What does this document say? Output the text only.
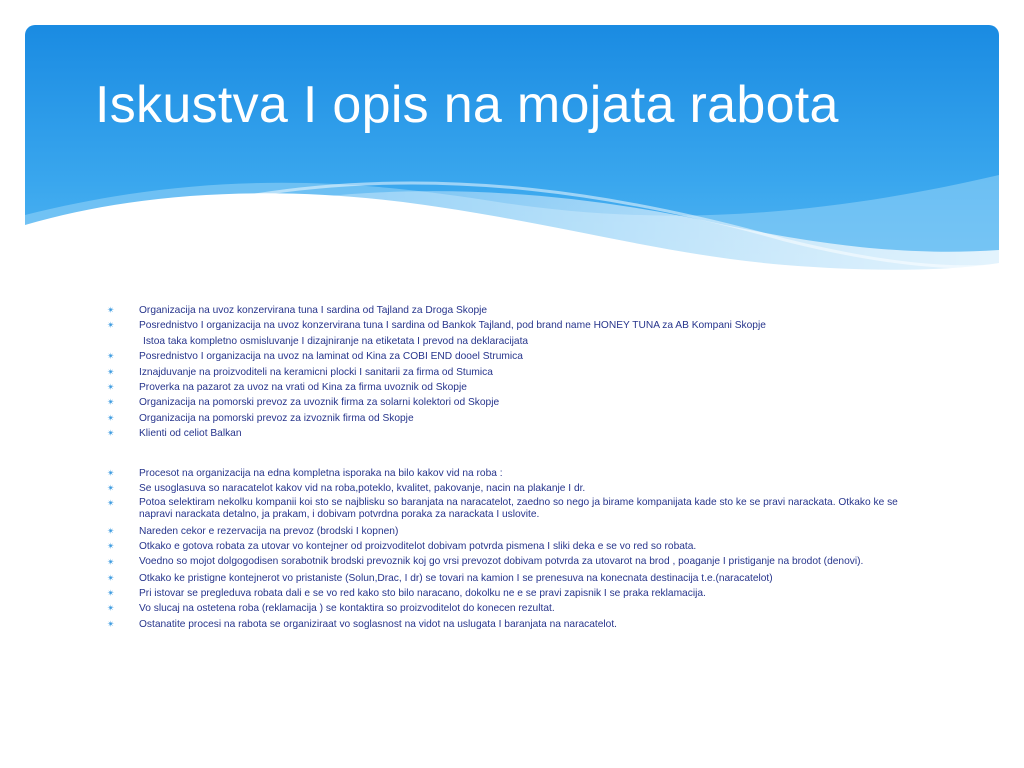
Iskustva I opis na mojata rabota
✴ Organizacija na uvoz konzervirana tuna I sardina od Tajland za Droga Skopje
✴ Posrednistvo I organizacija na uvoz konzervirana tuna I sardina od Bankok Tajland, pod brand name HONEY TUNA za AB Kompani Skopje
Istoa taka kompletno osmisluvanje I dizajniranje na etiketata I prevod na deklaracijata
✴ Posrednistvo I organizacija na uvoz na laminat od Kina za COBI END dooel Strumica
✴ Iznajduvanje na proizvoditeli na keramicni plocki I sanitarii za firma od Stumica
✴ Proverka na pazarot za uvoz na vrati od Kina za firma uvoznik od Skopje
✴ Organizacija na pomorski prevoz za uvoznik firma za solarni kolektori od Skopje
✴ Organizacija na pomorski prevoz za izvoznik firma od Skopje
✴ Klienti od celiot Balkan
✴ Procesot na organizacija na edna kompletna isporaka na bilo kakov vid na roba :
✴ Se usoglasuva so naracatelot kakov vid na roba,poteklo, kvalitet, pakovanje, nacin na plakanje I dr.
✴ Potoa selektiram nekolku kompanii koi sto se najblisku so baranjata na naracatelot, zaedno so nego ja birame kompanijata kade sto ke se pravi narackata. Otkako ke se napravi narackata detalno, ja prakam, i dobivam potvrdna poraka za narackata I uslovite.
✴ Nareden cekor e rezervacija na prevoz (brodski I kopnen)
✴ Otkako e gotova robata za utovar vo kontejner od proizvoditelot dobivam potvrda pismena I sliki deka e se vo red so robata.
✴ Voedno so mojot dolgogodisen sorabotnik brodski prevoznik koj go vrsi prevozot dobivam potvrda za utovarot na brod , poaganje I pristiganje na brodot (denovi).
✴ Otkako ke pristigne kontejnerot vo pristaniste (Solun,Drac, I dr) se tovari na kamion I se prenesuva na konecnata destinacija t.e.(naracatelot)
✴ Pri istovar se pregleduva robata dali e se vo red kako sto bilo naracano, dokolku ne e se pravi zapisnik I se praka reklamacija.
✴ Vo slucaj na ostetena roba (reklamacija ) se kontaktira so proizvoditelot do konecen rezultat.
✴ Ostanatite procesi na rabota se organiziraat vo soglasnost na vidot na uslugata I baranjata na naracatelot.
